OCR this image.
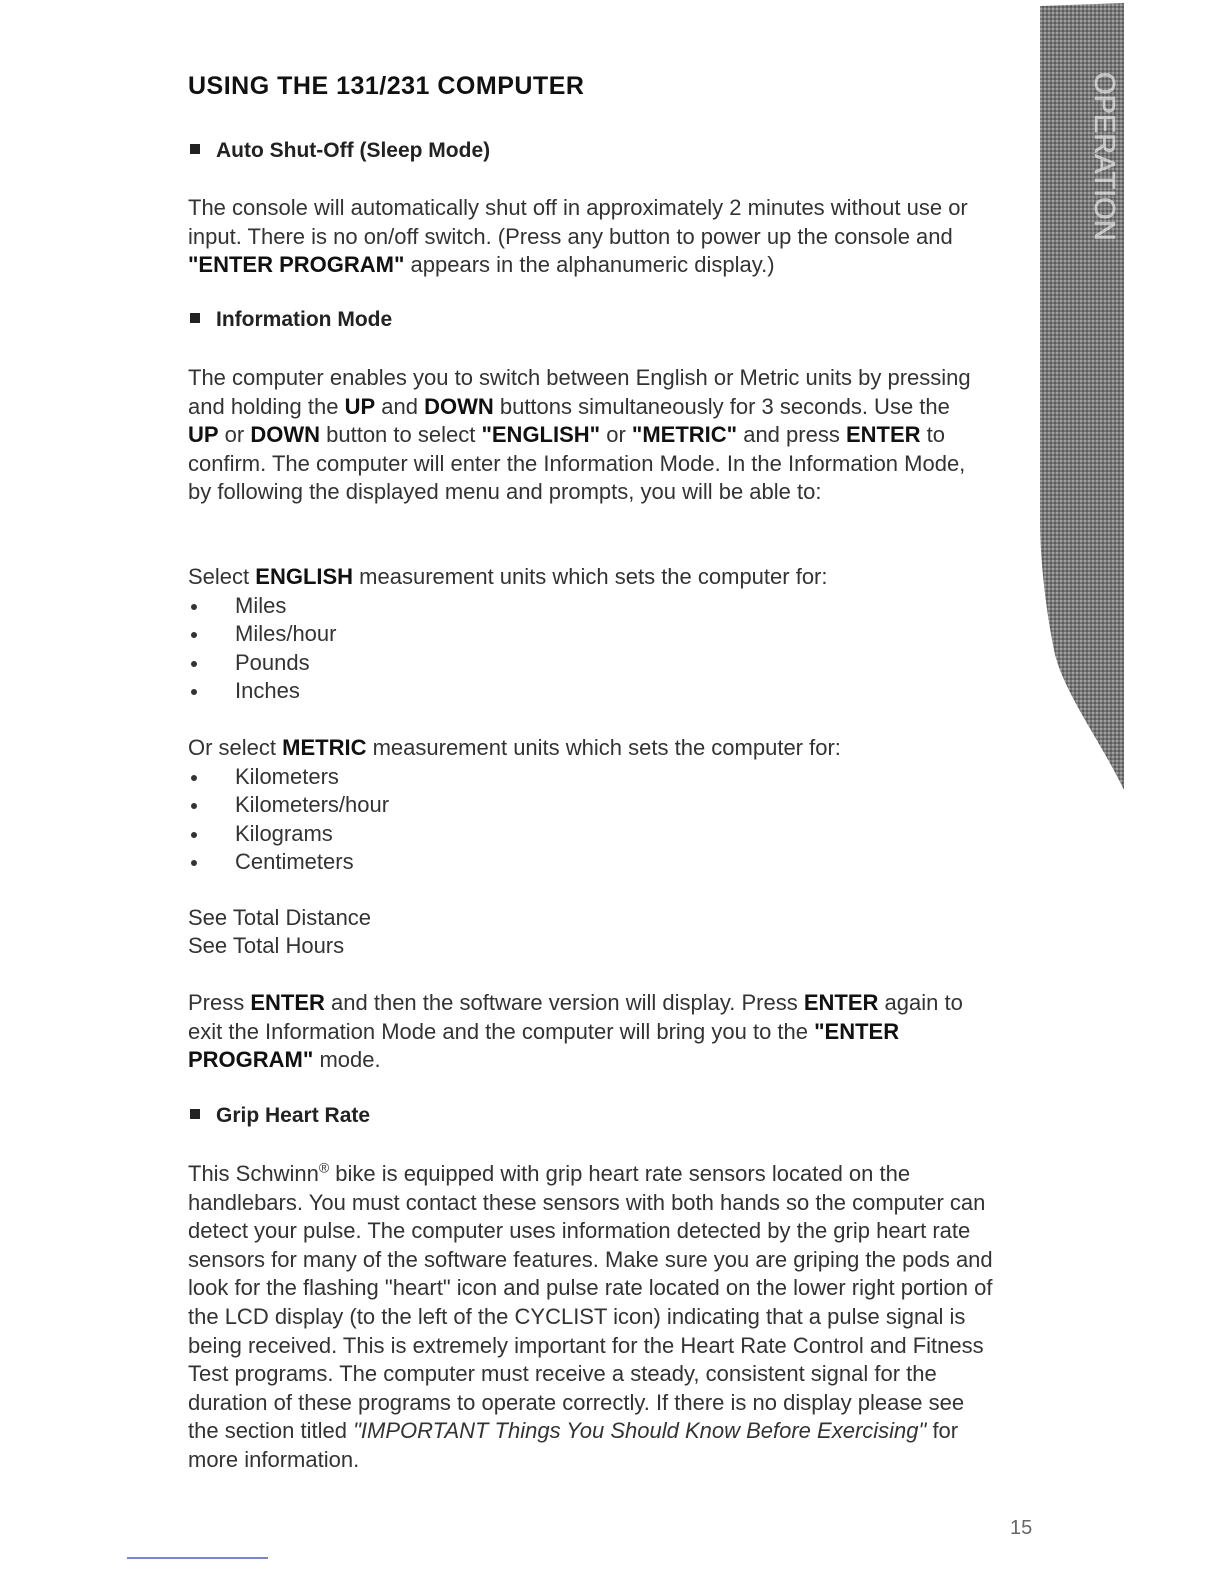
USING THE 131/231 COMPUTER
Auto Shut-Off (Sleep Mode)

The console will automatically shut off in approximately 2 minutes without use or input. There is no on/off switch. (Press any button to power up the console and "ENTER PROGRAM" appears in the alphanumeric display.)

Information Mode

The computer enables you to switch between English or Metric units by pressing and holding the UP and DOWN buttons simultaneously for 3 seconds. Use the UP or DOWN button to select "ENGLISH" or "METRIC" and press ENTER to confirm. The computer will enter the Information Mode. In the Information Mode, by following the displayed menu and prompts, you will be able to:

Select ENGLISH measurement units which sets the computer for:

Miles
Miles/hour
Pounds
Inches

Or select METRIC measurement units which sets the computer for:

Kilometers
Kilometers/hour
Kilograms
Centimeters

See Total Distance

See Total Hours

Press ENTER and then the software version will display. Press ENTER again to exit the Information Mode and the computer will bring you to the "ENTER PROGRAM" mode.

Grip Heart Rate

This Schwinn® bike is equipped with grip heart rate sensors located on the handlebars. You must contact these sensors with both hands so the computer can detect your pulse. The computer uses information detected by the grip heart rate sensors for many of the software features. Make sure you are griping the pods and look for the flashing "heart" icon and pulse rate located on the lower right portion of the LCD display (to the left of the CYCLIST icon) indicating that a pulse signal is being received. This is extremely important for the Heart Rate Control and Fitness Test programs. The computer must receive a steady, consistent signal for the duration of these programs to operate correctly. If there is no display please see the section titled "IMPORTANT Things You Should Know Before Exercising" for more information.

OPERATION
15
